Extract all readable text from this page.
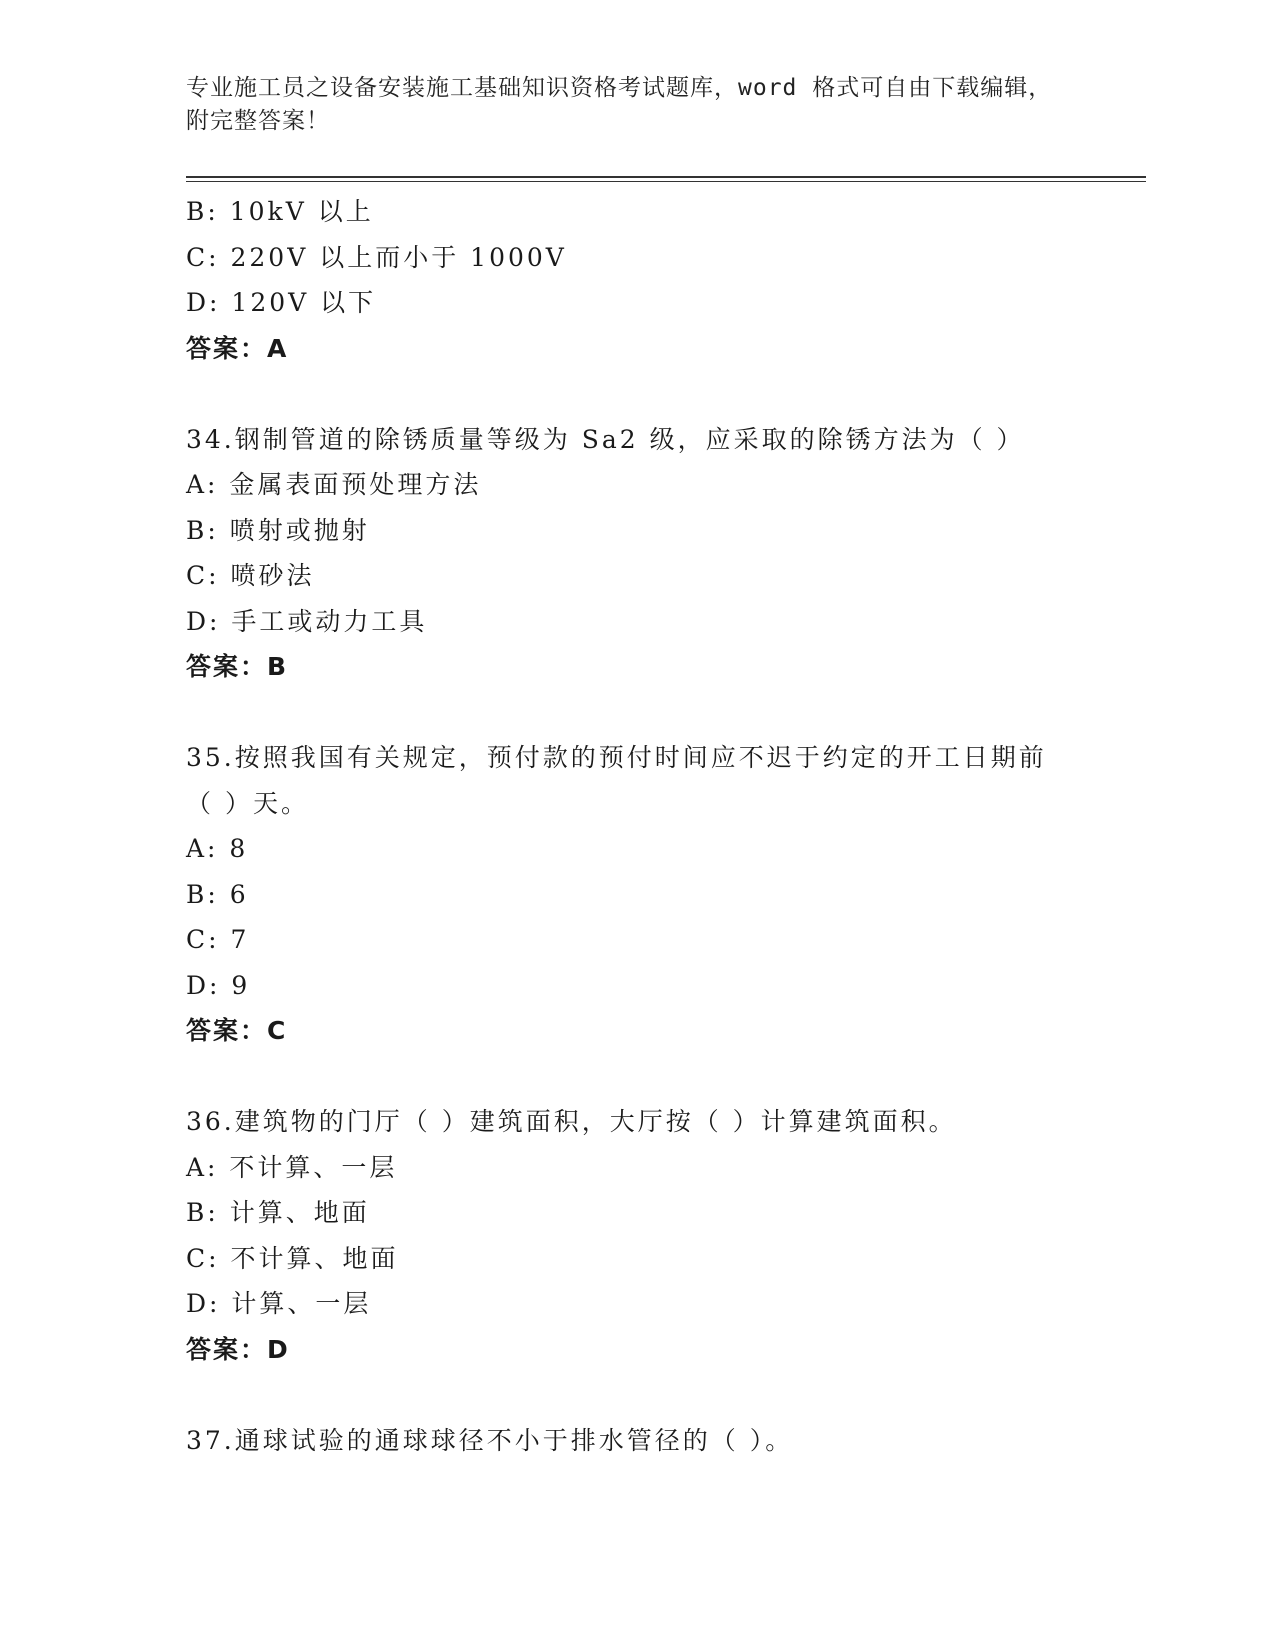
专业施工员之设备安装施工基础知识资格考试题库，word 格式可自由下载编辑，
附完整答案！
B: 10kV 以上
C: 220V 以上而小于 1000V
D: 120V 以下
答案：A
34.钢制管道的除锈质量等级为 Sa2 级，应采取的除锈方法为（ ）
A: 金属表面预处理方法
B: 喷射或抛射
C: 喷砂法
D: 手工或动力工具
答案：B
35.按照我国有关规定，预付款的预付时间应不迟于约定的开工日期前
（ ）天。
A: 8
B: 6
C: 7
D: 9
答案：C
36.建筑物的门厅（ ）建筑面积，大厅按（ ）计算建筑面积。
A: 不计算、一层
B: 计算、地面
C: 不计算、地面
D: 计算、一层
答案：D
37.通球试验的通球球径不小于排水管径的（ ）。
